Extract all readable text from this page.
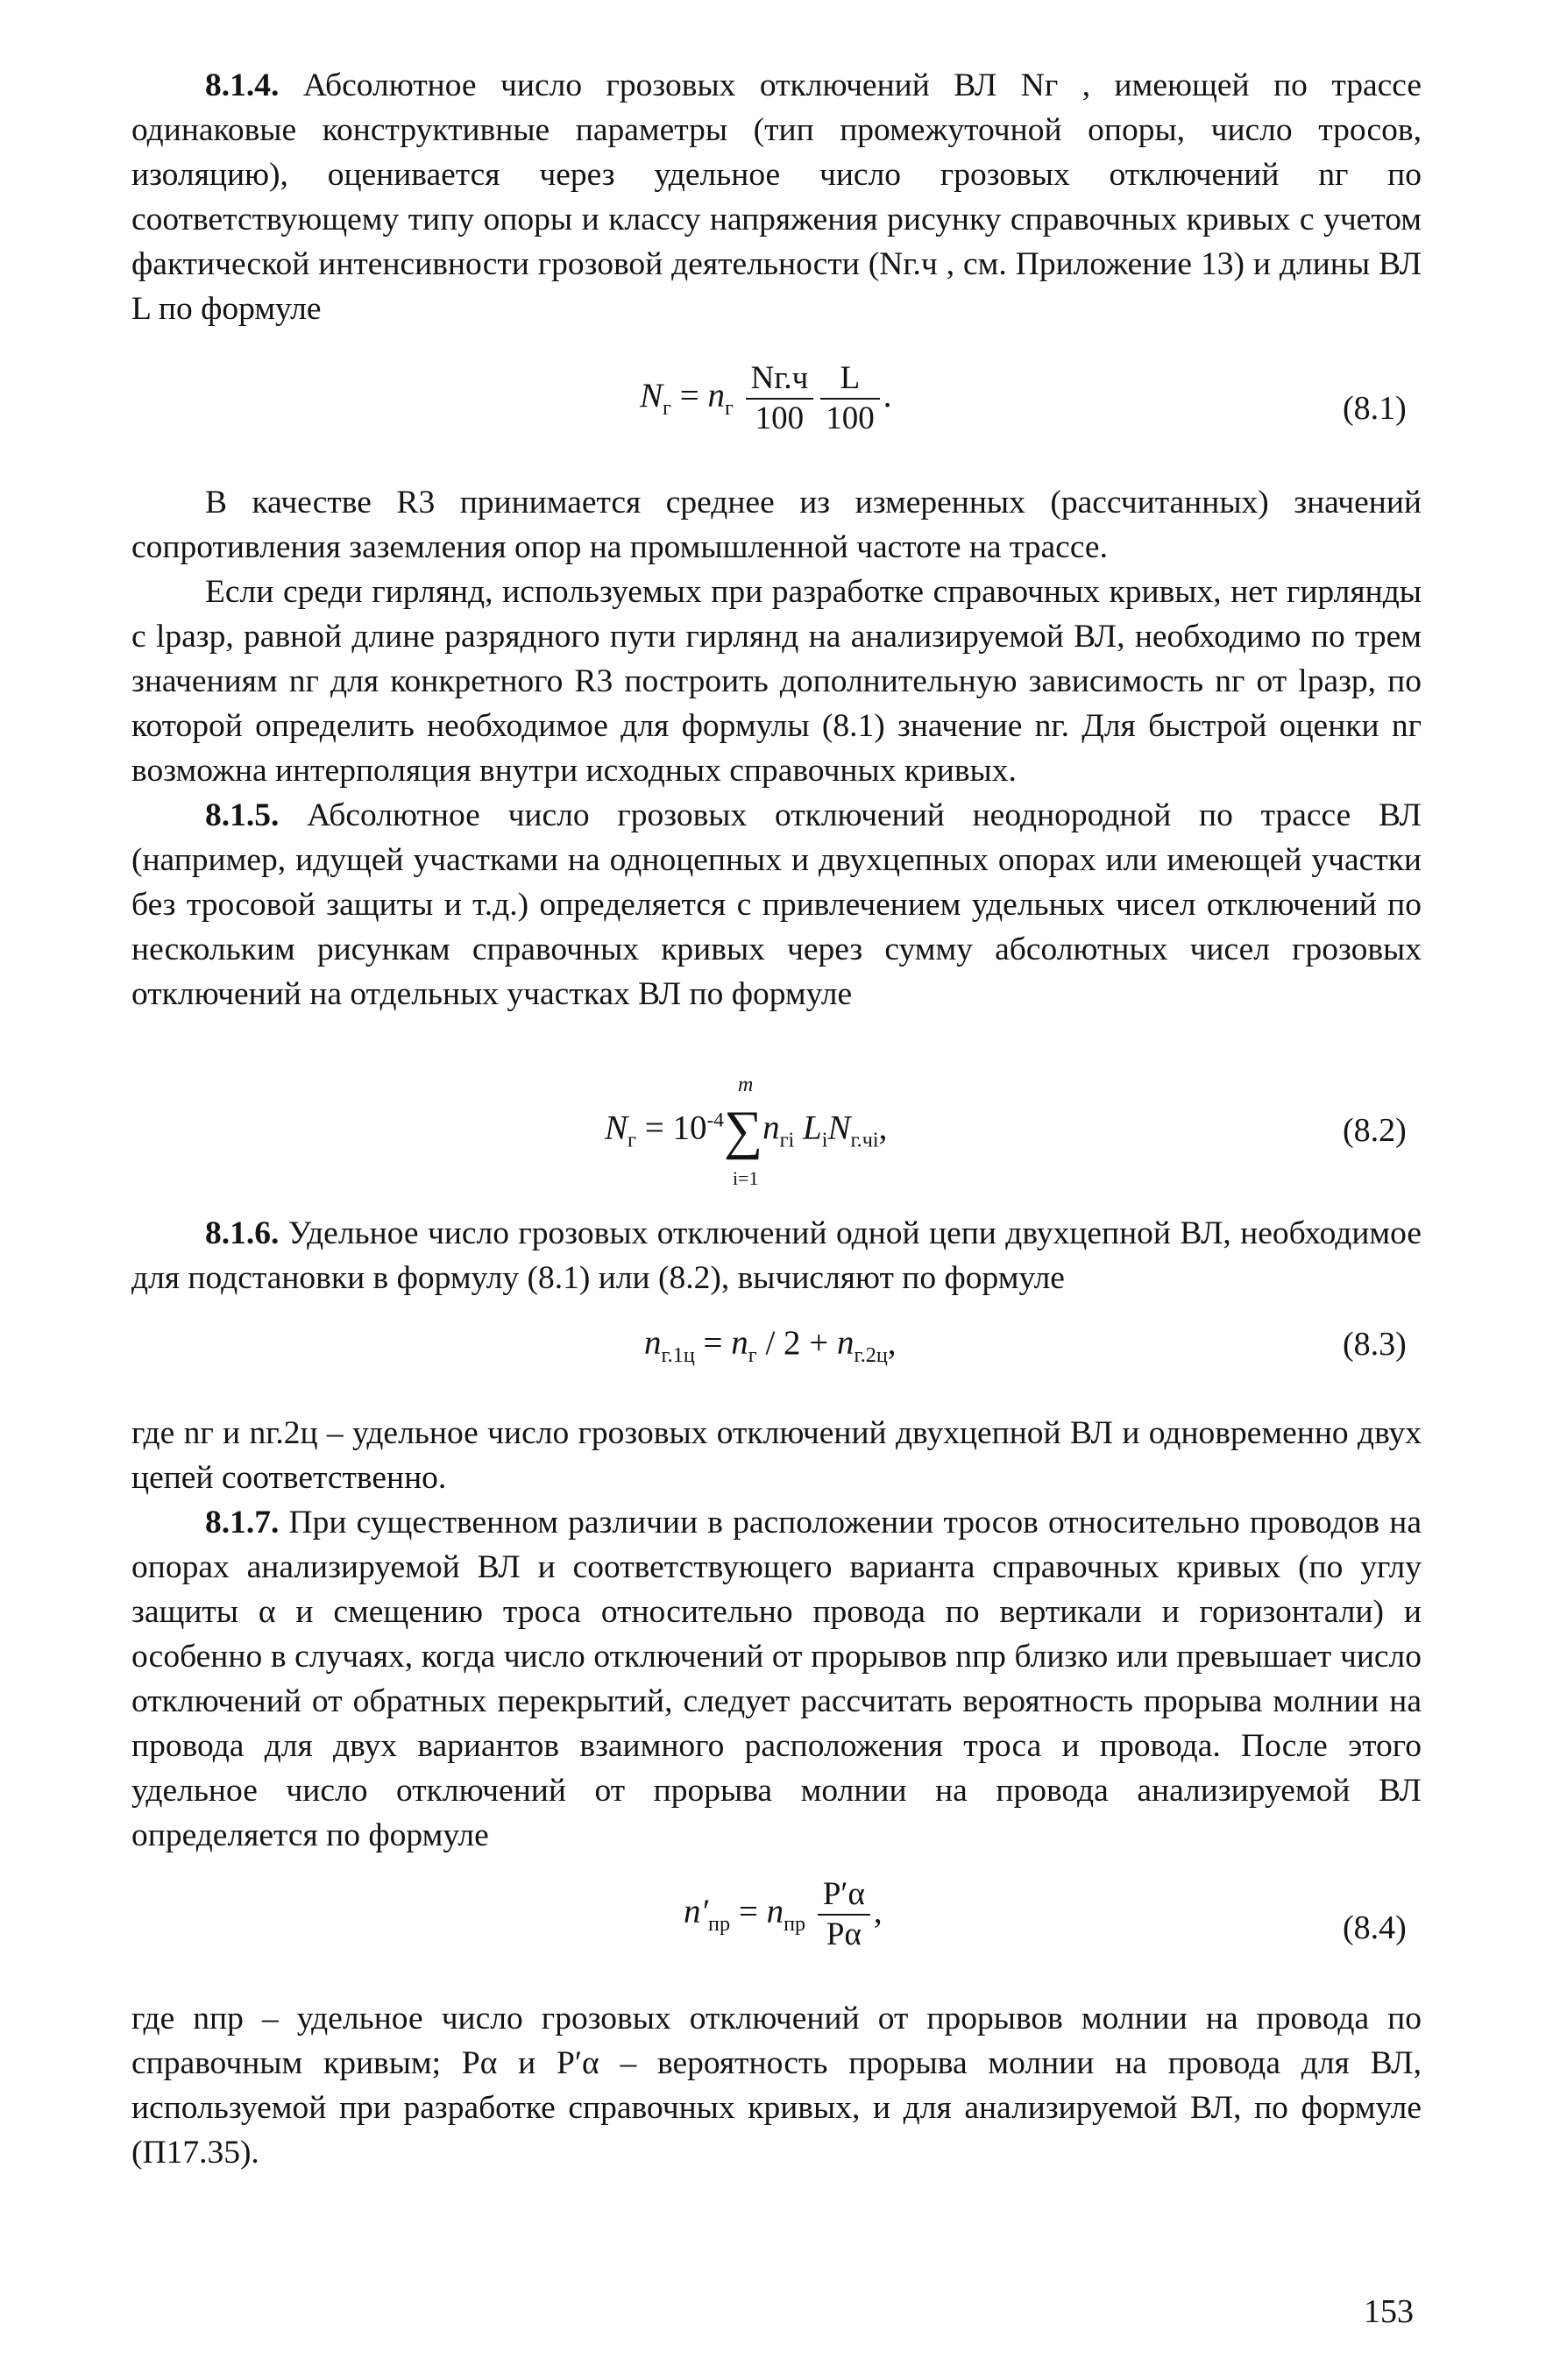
8.1.4. Абсолютное число грозовых отключений ВЛ Nг , имеющей по трассе одинаковые конструктивные параметры (тип промежуточной опоры, число тросов, изоляцию), оценивается через удельное число грозовых отключений nг по соответствующему типу опоры и классу напряжения рисунку справочных кривых с учетом фактической интенсивности грозовой деятельности (Nг.ч , см. Приложение 13) и длины ВЛ L по формуле

$N_г = n_г \frac{Nг.ч}{100} \frac{L}{100}$ .	(8.1)

В качестве R3 принимается среднее из измеренных (рассчитанных) значений сопротивления заземления опор на промышленной частоте на трассе.

Если среди гирлянд, используемых при разработке справочных кривых, нет гирлянды с lразр, равной длине разрядного пути гирлянд на анализируемой ВЛ, необходимо по трем значениям nг для конкретного R3 построить дополнительную зависимость nг от lразр, по которой определить необходимое для формулы (8.1) значение nг. Для быстрой оценки nг возможна интерполяция внутри исходных справочных кривых.

8.1.5. Абсолютное число грозовых отключений неоднородной по трассе ВЛ (например, идущей участками на одноцепных и двухцепных опорах или имеющей участки без тросовой защиты и т.д.) определяется с привлечением удельных чисел отключений по нескольким рисункам справочных кривых через сумму абсолютных чисел грозовых отключений на отдельных участках ВЛ по формуле

$N_г = 10^{-4}\sum$
m
i=1
$n_{гi}$ $L_iN_{г.чi}$,	(8.2)

8.1.6. Удельное число грозовых отключений одной цепи двухцепной ВЛ, необходимое для подстановки в формулу (8.1) или (8.2), вычисляют по формуле

$n_{г.1ц} = n_г / 2 + n_{г.2ц}$,	(8.3)

где nг и nг.2ц – удельное число грозовых отключений двухцепной ВЛ и одновременно двух цепей соответственно.

8.1.7. При существенном различии в расположении тросов относительно проводов на опорах анализируемой ВЛ и соответствующего варианта справочных кривых (по углу защиты α и смещению троса относительно провода по вертикали и горизонтали) и особенно в случаях, когда число отключений от прорывов nпр близко или превышает число отключений от обратных перекрытий, следует рассчитать вероятность прорыва молнии на провода для двух вариантов взаимного расположения троса и провода. После этого удельное число отключений от прорыва молнии на провода анализируемой ВЛ определяется по формуле

$n'_{пр} = n_{пр} \frac{P'\alpha}{P\alpha}$ ,	(8.4)

где nпр – удельное число грозовых отключений от прорывов молнии на провода по справочным кривым; Pα и P′α – вероятность прорыва молнии на провода для ВЛ, используемой при разработке справочных кривых, и для анализируемой ВЛ, по формуле (П17.35).

153
